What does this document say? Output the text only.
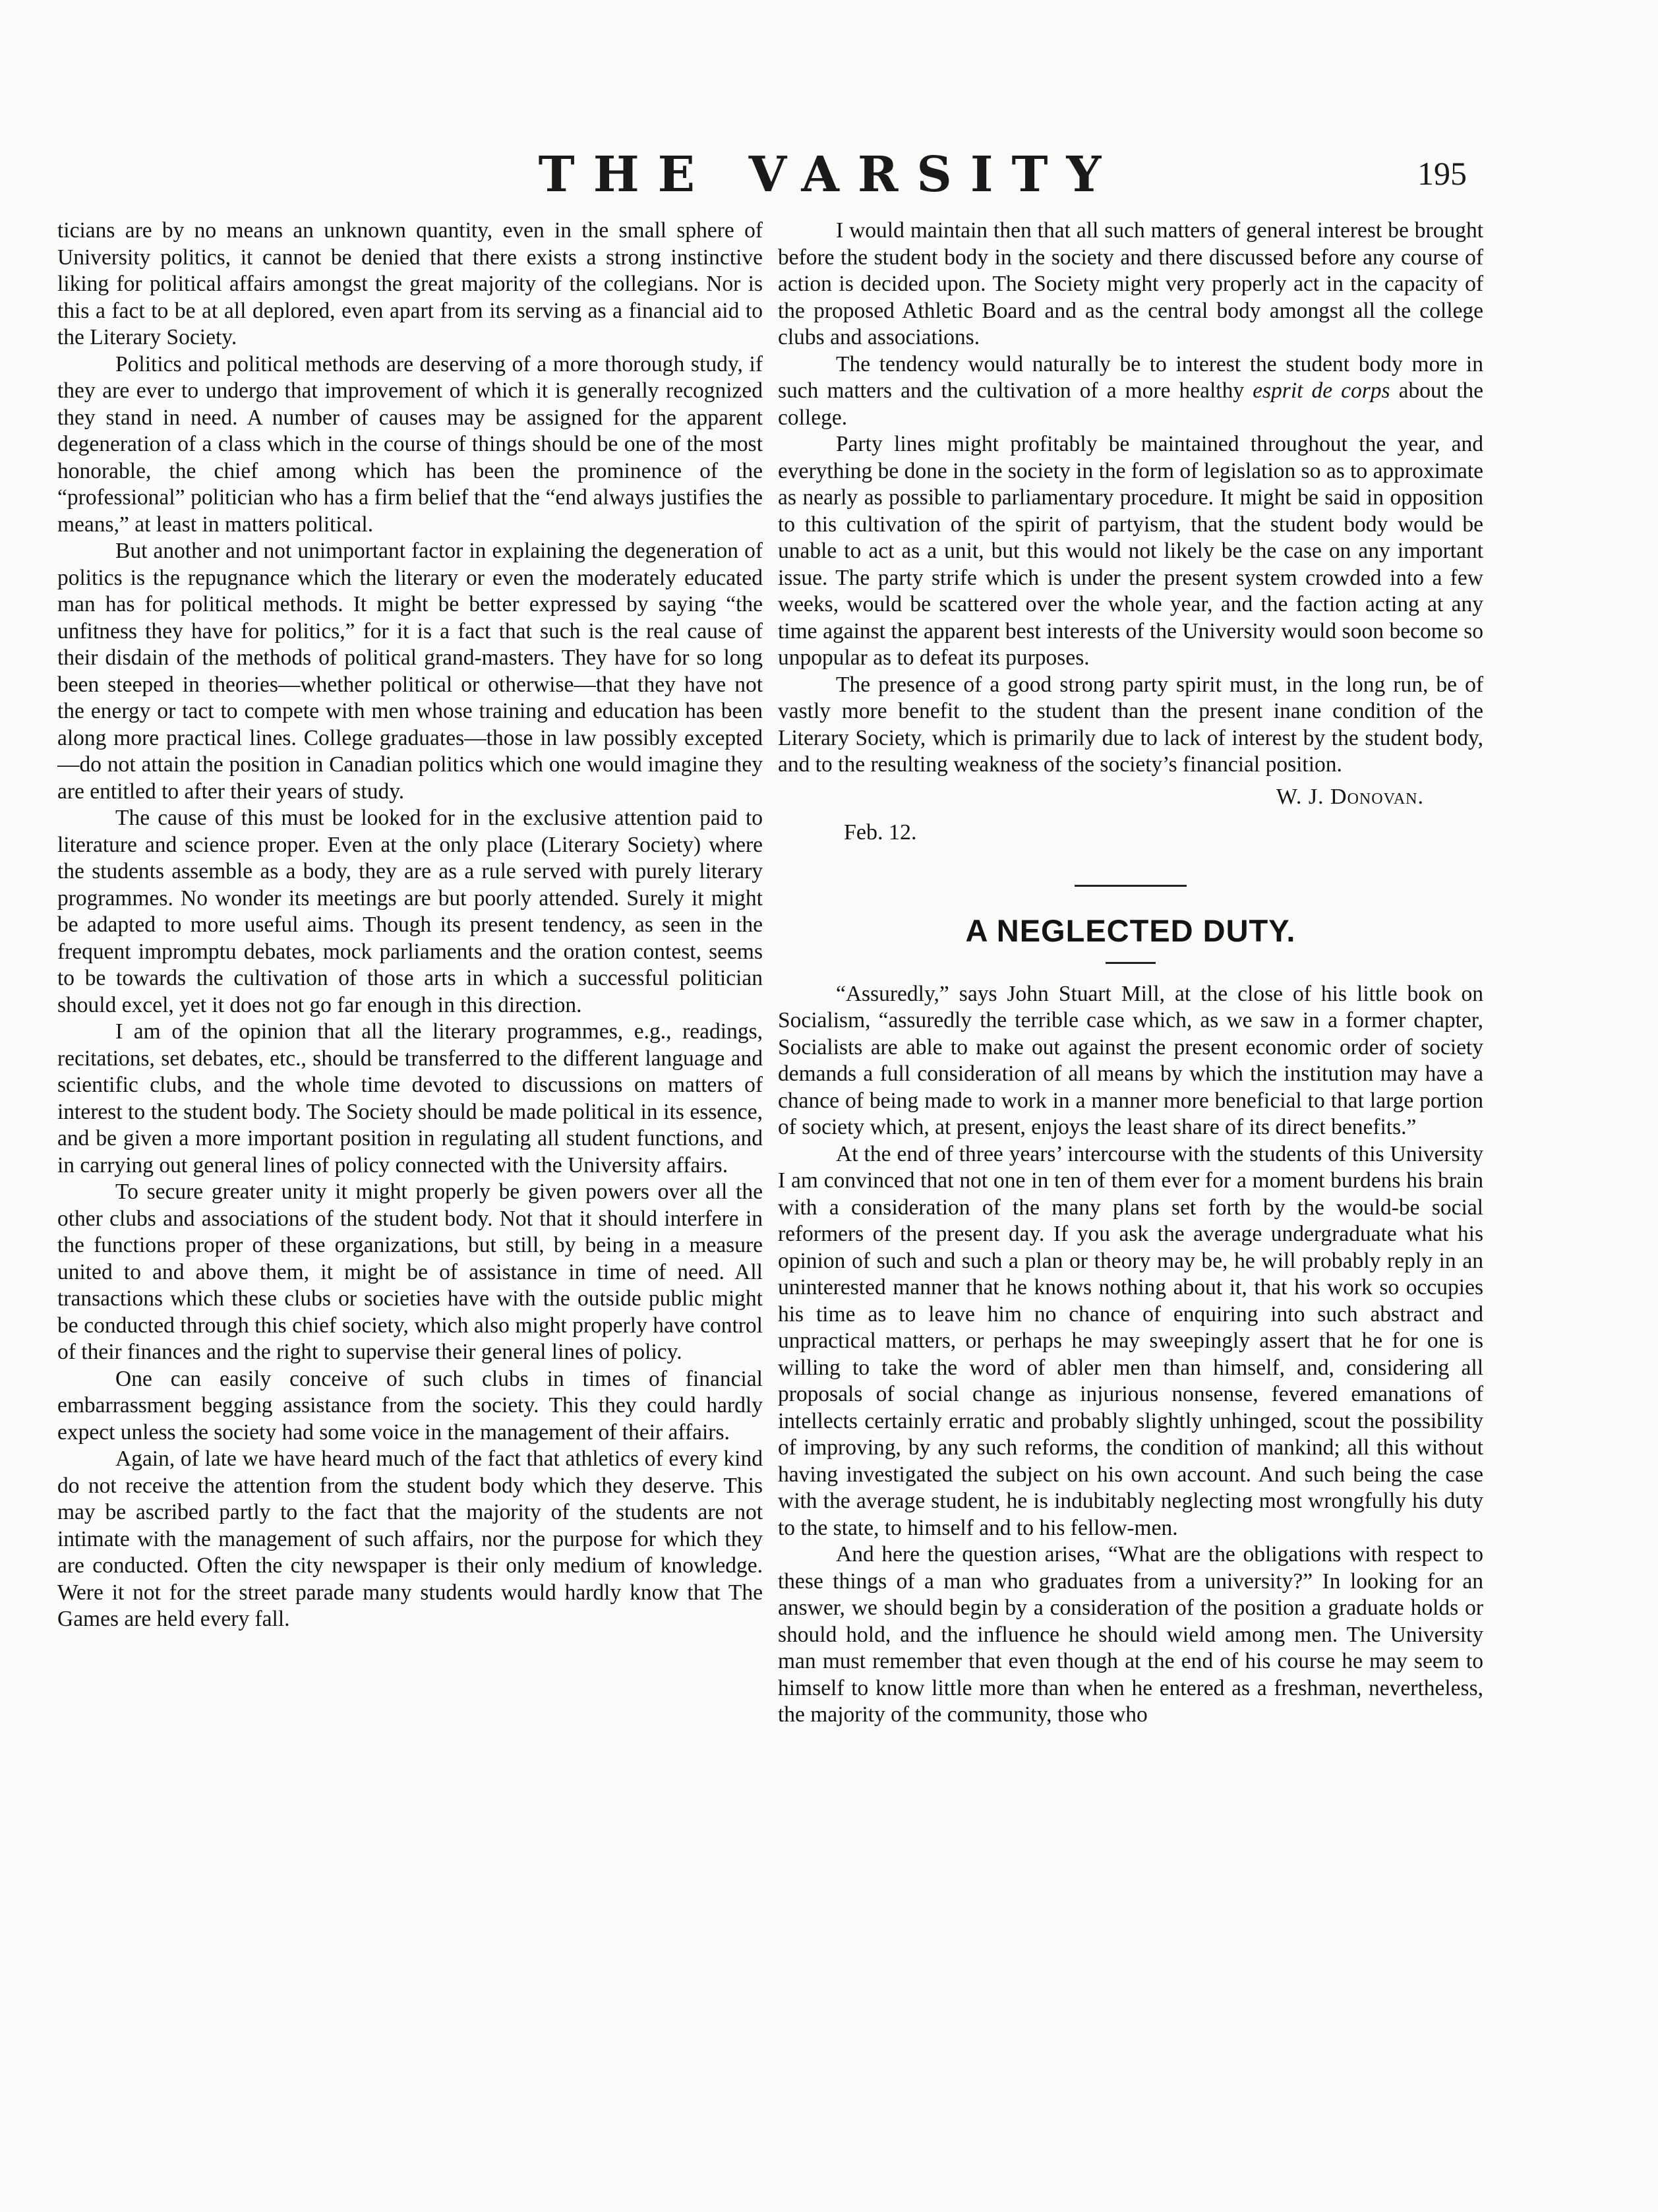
THE VARSITY	195

ticians are by no means an unknown quantity, even in the small sphere of University politics, it cannot be denied that there exists a strong instinctive liking for political affairs amongst the great majority of the collegians. Nor is this a fact to be at all deplored, even apart from its serving as a financial aid to the Literary Society.

Politics and political methods are deserving of a more thorough study, if they are ever to undergo that improvement of which it is generally recognized they stand in need. A number of causes may be assigned for the apparent degeneration of a class which in the course of things should be one of the most honorable, the chief among which has been the prominence of the “professional” politician who has a firm belief that the “end always justifies the means,” at least in matters political.

But another and not unimportant factor in explaining the degeneration of politics is the repugnance which the literary or even the moderately educated man has for political methods. It might be better expressed by saying “the unfitness they have for politics,” for it is a fact that such is the real cause of their disdain of the methods of political grand-masters. They have for so long been steeped in theories—whether political or otherwise—that they have not the energy or tact to compete with men whose training and education has been along more practical lines. College graduates—those in law possibly excepted—do not attain the position in Canadian politics which one would imagine they are entitled to after their years of study.

The cause of this must be looked for in the exclusive attention paid to literature and science proper. Even at the only place (Literary Society) where the students assemble as a body, they are as a rule served with purely literary programmes. No wonder its meetings are but poorly attended. Surely it might be adapted to more useful aims. Though its present tendency, as seen in the frequent impromptu debates, mock parliaments and the oration contest, seems to be towards the cultivation of those arts in which a successful politician should excel, yet it does not go far enough in this direction.

I am of the opinion that all the literary programmes, e.g., readings, recitations, set debates, etc., should be transferred to the different language and scientific clubs, and the whole time devoted to discussions on matters of interest to the student body. The Society should be made political in its essence, and be given a more important position in regulating all student functions, and in carrying out general lines of policy connected with the University affairs.

To secure greater unity it might properly be given powers over all the other clubs and associations of the student body. Not that it should interfere in the functions proper of these organizations, but still, by being in a measure united to and above them, it might be of assistance in time of need. All transactions which these clubs or societies have with the outside public might be conducted through this chief society, which also might properly have control of their finances and the right to supervise their general lines of policy.

One can easily conceive of such clubs in times of financial embarrassment begging assistance from the society. This they could hardly expect unless the society had some voice in the management of their affairs.

Again, of late we have heard much of the fact that athletics of every kind do not receive the attention from the student body which they deserve. This may be ascribed partly to the fact that the majority of the students are not intimate with the management of such affairs, nor the purpose for which they are conducted. Often the city newspaper is their only medium of knowledge. Were it not for the street parade many students would hardly know that The Games are held every fall.

I would maintain then that all such matters of general interest be brought before the student body in the society and there discussed before any course of action is decided upon. The Society might very properly act in the capacity of the proposed Athletic Board and as the central body amongst all the college clubs and associations.

The tendency would naturally be to interest the student body more in such matters and the cultivation of a more healthy esprit de corps about the college.

Party lines might profitably be maintained throughout the year, and everything be done in the society in the form of legislation so as to approximate as nearly as possible to parliamentary procedure. It might be said in opposition to this cultivation of the spirit of partyism, that the student body would be unable to act as a unit, but this would not likely be the case on any important issue. The party strife which is under the present system crowded into a few weeks, would be scattered over the whole year, and the faction acting at any time against the apparent best interests of the University would soon become so unpopular as to defeat its purposes.

The presence of a good strong party spirit must, in the long run, be of vastly more benefit to the student than the present inane condition of the Literary Society, which is primarily due to lack of interest by the student body, and to the resulting weakness of the society’s financial position.

W. J. Donovan.
Feb. 12.
A NEGLECTED DUTY.

“Assuredly,” says John Stuart Mill, at the close of his little book on Socialism, “assuredly the terrible case which, as we saw in a former chapter, Socialists are able to make out against the present economic order of society demands a full consideration of all means by which the institution may have a chance of being made to work in a manner more beneficial to that large portion of society which, at present, enjoys the least share of its direct benefits.”

At the end of three years’ intercourse with the students of this University I am convinced that not one in ten of them ever for a moment burdens his brain with a consideration of the many plans set forth by the would-be social reformers of the present day. If you ask the average undergraduate what his opinion of such and such a plan or theory may be, he will probably reply in an uninterested manner that he knows nothing about it, that his work so occupies his time as to leave him no chance of enquiring into such abstract and unpractical matters, or perhaps he may sweepingly assert that he for one is willing to take the word of abler men than himself, and, considering all proposals of social change as injurious nonsense, fevered emanations of intellects certainly erratic and probably slightly unhinged, scout the possibility of improving, by any such reforms, the condition of mankind; all this without having investigated the subject on his own account. And such being the case with the average student, he is indubitably neglecting most wrongfully his duty to the state, to himself and to his fellow-men.

And here the question arises, “What are the obligations with respect to these things of a man who graduates from a university?” In looking for an answer, we should begin by a consideration of the position a graduate holds or should hold, and the influence he should wield among men. The University man must remember that even though at the end of his course he may seem to himself to know little more than when he entered as a freshman, nevertheless, the majority of the community, those who
